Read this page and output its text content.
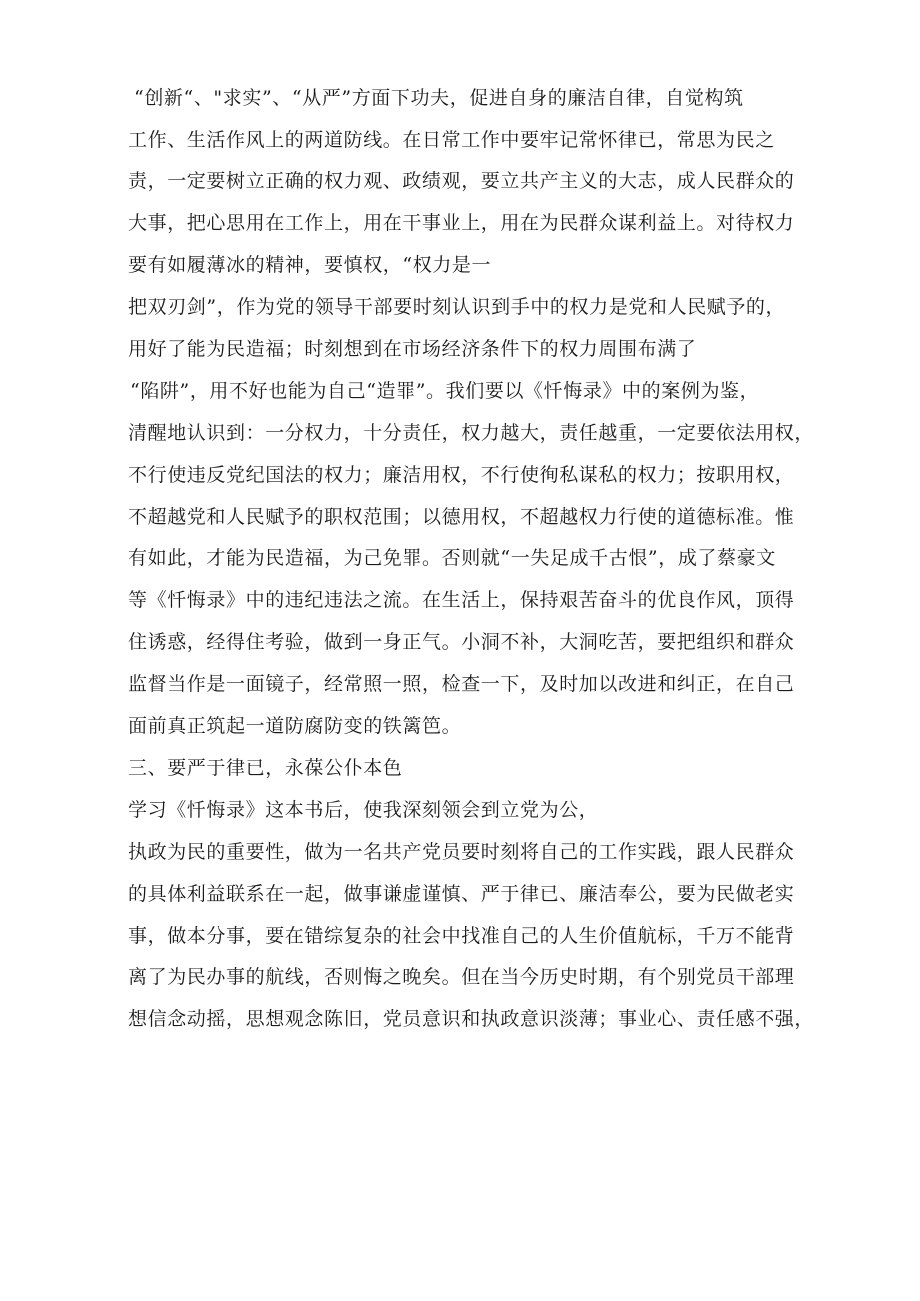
“创新“、"求实”、“从严”方面下功夫，促进自身的廉洁自律，自觉构筑
工作、生活作风上的两道防线。在日常工作中要牢记常怀律已，常思为民之
责，一定要树立正确的权力观、政绩观，要立共产主义的大志，成人民群众的
大事，把心思用在工作上，用在干事业上，用在为民群众谋利益上。对待权力
要有如履薄冰的精神，要慎权，“权力是一
把双刃剑”，作为党的领导干部要时刻认识到手中的权力是党和人民赋予的，
用好了能为民造福；时刻想到在市场经济条件下的权力周围布满了
“陷阱”，用不好也能为自己“造罪”。我们要以《忏悔录》中的案例为鉴，
清醒地认识到：一分权力，十分责任，权力越大，责任越重，一定要依法用权，
不行使违反党纪国法的权力；廉洁用权，不行使徇私谋私的权力；按职用权，
不超越党和人民赋予的职权范围；以德用权，不超越权力行使的道德标准。惟
有如此，才能为民造福，为己免罪。否则就“一失足成千古恨”，成了蔡豪文
等《忏悔录》中的违纪违法之流。在生活上，保持艰苦奋斗的优良作风，顶得
住诱惑，经得住考验，做到一身正气。小洞不补，大洞吃苦，要把组织和群众
监督当作是一面镜子，经常照一照，检查一下，及时加以改进和纠正，在自己
面前真正筑起一道防腐防变的铁篱笆。
三、要严于律已，永葆公仆本色
学习《忏悔录》这本书后，使我深刻领会到立党为公，
执政为民的重要性，做为一名共产党员要时刻将自己的工作实践，跟人民群众
的具体利益联系在一起，做事谦虚谨慎、严于律已、廉洁奉公，要为民做老实
事，做本分事，要在错综复杂的社会中找准自己的人生价值航标，千万不能背
离了为民办事的航线，否则悔之晚矣。但在当今历史时期，有个别党员干部理
想信念动摇，思想观念陈旧，党员意识和执政意识淡薄；事业心、责任感不强，
